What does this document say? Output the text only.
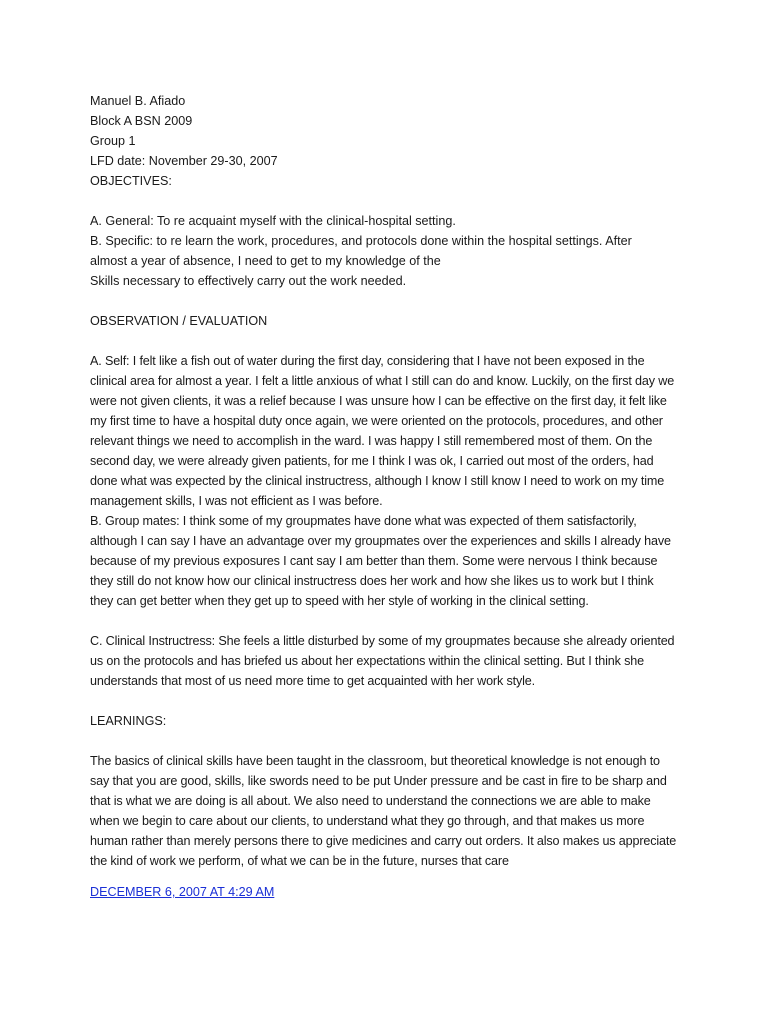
Manuel B. Afiado
Block A BSN 2009
Group 1
LFD date: November 29-30, 2007
OBJECTIVES:
A. General: To re acquaint myself with the clinical-hospital setting.
B. Specific: to re learn the work, procedures, and protocols done within the hospital settings. After
almost a year of absence, I need to get to my knowledge of the
Skills necessary to effectively carry out the work needed.
OBSERVATION / EVALUATION
A. Self: I felt like a fish out of water during the first day, considering that I have not been exposed in the clinical area for almost a year. I felt a little anxious of what I still can do and know. Luckily, on the first day we were not given clients, it was a relief because I was unsure how I can be effective on the first day, it felt like my first time to have a hospital duty once again, we were oriented on the protocols, procedures, and other relevant things we need to accomplish in the ward. I was happy I still remembered most of them. On the second day, we were already given patients, for me I think I was ok, I carried out most of the orders, had done what was expected by the clinical instructress, although I know I still know I need to work on my time management skills, I was not efficient as I was before.
B. Group mates: I think some of my groupmates have done what was expected of them satisfactorily, although I can say I have an advantage over my groupmates over the experiences and skills I already have because of my previous exposures I cant say I am better than them. Some were nervous I think because they still do not know how our clinical instructress does her work and how she likes us to work but I think they can get better when they get up to speed with her style of working in the clinical setting.
C. Clinical Instructress: She feels a little disturbed by some of my groupmates because she already oriented us on the protocols and has briefed us about her expectations within the clinical setting. But I think she understands that most of us need more time to get acquainted with her work style.
LEARNINGS:
The basics of clinical skills have been taught in the classroom, but theoretical knowledge is not enough to say that you are good, skills, like swords need to be put Under pressure and be cast in fire to be sharp and that is what we are doing is all about. We also need to understand the connections we are able to make when we begin to care about our clients, to understand what they go through, and that makes us more human rather than merely persons there to give medicines and carry out orders. It also makes us appreciate the kind of work we perform, of what we can be in the future, nurses that care
DECEMBER 6, 2007 AT 4:29 AM
